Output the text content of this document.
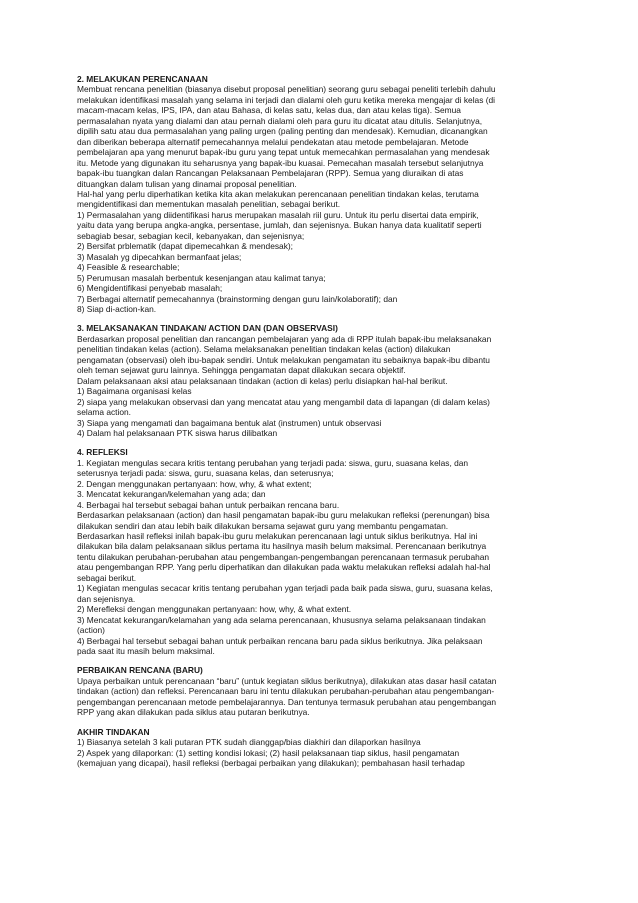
2. MELAKUKAN PERENCANAAN
Membuat rencana penelitian (biasanya disebut proposal penelitian) seorang guru sebagai peneliti terlebih dahulu
melakukan identifikasi masalah yang selama ini terjadi dan dialami oleh guru ketika mereka mengajar di kelas (di
macam-macam kelas, IPS, IPA, dan atau Bahasa, di kelas satu, kelas dua, dan atau kelas tiga). Semua
permasalahan nyata yang dialami dan atau pernah dialami oleh para guru itu dicatat atau ditulis. Selanjutnya,
dipilih satu atau dua permasalahan yang paling urgen (paling penting dan mendesak). Kemudian, dicanangkan
dan diberikan beberapa alternatif pemecahannya melalui pendekatan atau metode pembelajaran. Metode
pembelajaran apa yang menurut bapak-ibu guru yang tepat untuk memecahkan permasalahan yang mendesak
itu. Metode yang digunakan itu seharusnya yang bapak-ibu kuasai. Pemecahan masalah tersebut selanjutnya
bapak-ibu tuangkan dalan Rancangan Pelaksanaan Pembelajaran (RPP). Semua yang diuraikan di atas
dituangkan dalam tulisan yang dinamai proposal penelitian.
Hal-hal yang perlu diperhatikan ketika kita akan melakukan perencanaan penelitian tindakan kelas, terutama
mengidentifikasi dan mementukan masalah penelitian, sebagai berikut.
1) Permasalahan yang diidentifikasi harus merupakan masalah riil guru. Untuk itu perlu disertai data empirik,
yaitu data yang berupa angka-angka, persentase, jumlah, dan sejenisnya. Bukan hanya data kualitatif seperti
sebagiab besar, sebagian kecil, kebanyakan, dan sejenisnya;
2) Bersifat prblematik (dapat dipemecahkan & mendesak);
3) Masalah yg dipecahkan bermanfaat jelas;
4) Feasible & researchable;
5) Perumusan masalah berbentuk kesenjangan atau kalimat tanya;
6) Mengidentifikasi penyebab masalah;
7) Berbagai alternatif pemecahannya (brainstorming dengan guru lain/kolaboratif); dan
8) Siap di-action-kan.
3. MELAKSANAKAN TINDAKAN/ ACTION DAN (DAN OBSERVASI)
Berdasarkan proposal penelitian dan rancangan pembelajaran yang ada di RPP itulah bapak-ibu melaksanakan
penelitian tindakan kelas (action). Selama melaksanakan penelitian tindakan kelas (action) dilakukan
pengamatan (observasi) oleh ibu-bapak sendiri. Untuk melakukan pengamatan itu sebaiknya bapak-ibu dibantu
oleh teman sejawat guru lainnya. Sehingga pengamatan dapat dilakukan secara objektif.
Dalam pelaksanaan aksi atau pelaksanaan tindakan (action di kelas) perlu disiapkan hal-hal berikut.
1) Bagaimana organisasi kelas
2) siapa yang melakukan observasi dan yang mencatat atau yang mengambil data di lapangan (di dalam kelas)
selama action.
3) Siapa yang mengamati dan bagaimana bentuk alat (instrumen) untuk observasi
4) Dalam hal pelaksanaan PTK siswa harus dilibatkan
4. REFLEKSI
1. Kegiatan mengulas secara kritis tentang perubahan yang terjadi pada: siswa, guru, suasana kelas, dan
seterusnya terjadi pada: siswa, guru, suasana kelas, dan seterusnya;
2. Dengan menggunakan pertanyaan: how, why, & what extent;
3. Mencatat kekurangan/kelemahan yang ada; dan
4. Berbagai hal tersebut sebagai bahan untuk perbaikan rencana baru.
Berdasarkan pelaksanaan (action) dan hasil pengamatan bapak-ibu guru melakukan refleksi (perenungan) bisa
dilakukan sendiri dan atau lebih baik dilakukan bersama sejawat guru yang membantu pengamatan.
Berdasarkan hasil refleksi inilah bapak-ibu guru melakukan perencanaan lagi untuk siklus berikutnya. Hal ini
dilakukan bila dalam pelaksanaan siklus pertama itu hasilnya masih belum maksimal. Perencanaan berikutnya
tentu dilakukan perubahan-perubahan atau pengembangan-pengembangan perencanaan termasuk perubahan
atau pengembangan RPP. Yang perlu diperhatikan dan dilakukan pada waktu melakukan refleksi adalah hal-hal
sebagai berikut.
1) Kegiatan mengulas secacar kritis tentang perubahan ygan terjadi pada baik pada siswa, guru, suasana kelas,
dan sejenisnya.
2) Merefleksi dengan menggunakan pertanyaan: how, why, & what extent.
3) Mencatat kekurangan/kelamahan yang ada selama perencanaan, khususnya selama pelaksanaan tindakan
(action)
4) Berbagai hal tersebut sebagai bahan untuk perbaikan rencana baru pada siklus berikutnya. Jika pelaksaan
pada saat itu masih belum maksimal.
PERBAIKAN RENCANA (BARU)
Upaya perbaikan untuk perencanaan “baru” (untuk kegiatan siklus berikutnya), dilakukan atas dasar hasil catatan
tindakan (action) dan refleksi. Perencanaan baru ini tentu dilakukan perubahan-perubahan atau pengembangan-
pengembangan perencanaan metode pembelajarannya. Dan tentunya termasuk perubahan atau pengembangan
RPP yang akan dilakukan pada siklus atau putaran berikutnya.
AKHIR TINDAKAN
1) Biasanya setelah 3 kali putaran PTK sudah dianggap/bias diakhiri dan dilaporkan hasilnya
2) Aspek yang dilaporkan: (1) setting kondisi lokasi; (2) hasil pelaksanaan tiap siklus, hasil pengamatan
(kemajuan yang dicapai), hasil refleksi (berbagai perbaikan yang dilakukan); pembahasan hasil terhadap
